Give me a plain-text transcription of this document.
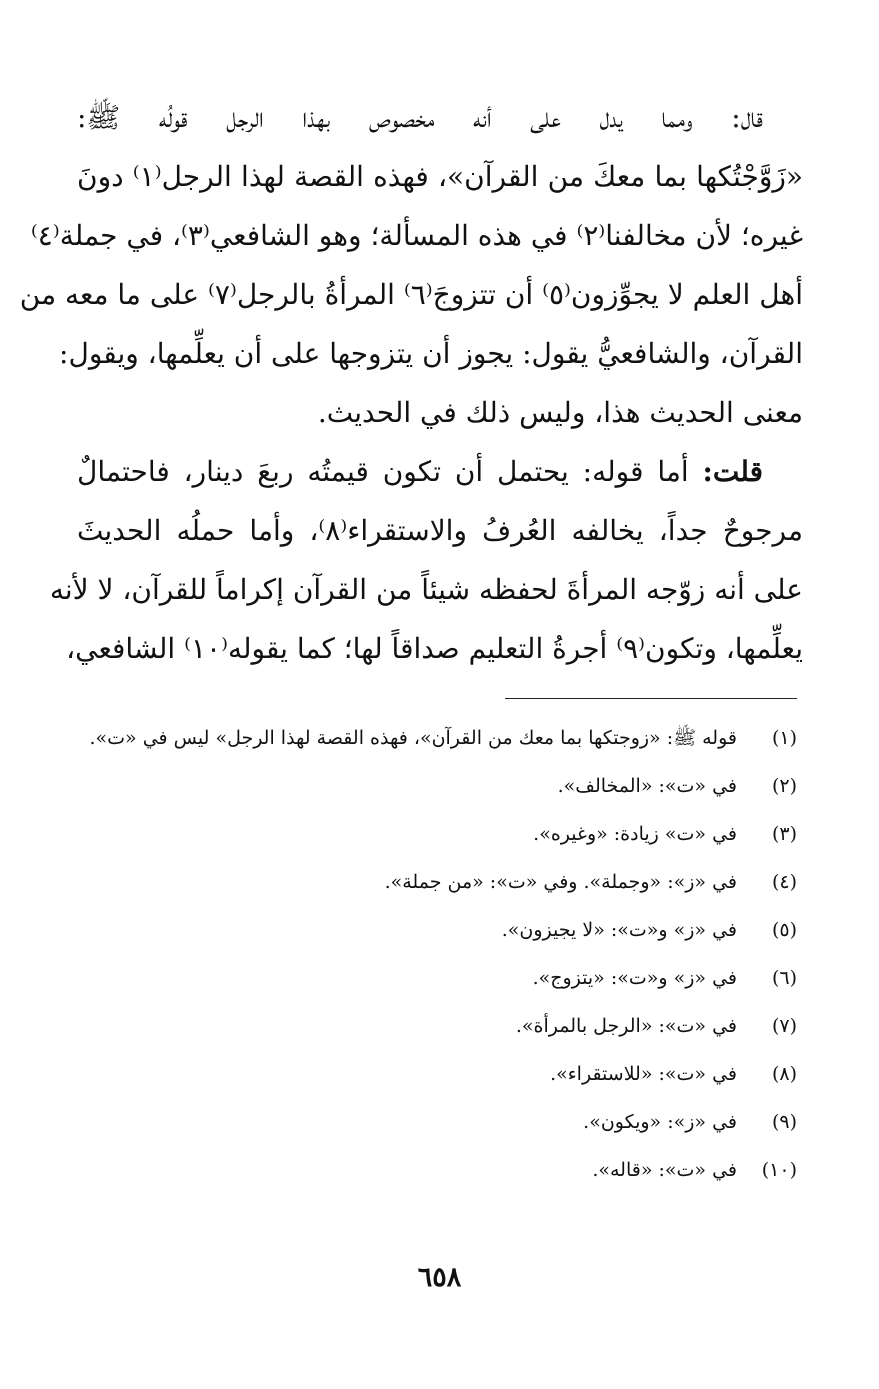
قال: ومما يدل على أنه مخصوص بهذا الرجل قولُه ﷺ:
«زَوَّجْتُكها بما معكَ من القرآن»، فهذه القصة لهذا الرجل⁽١⁾ دونَ
غيره؛ لأن مخالفنا⁽٢⁾ في هذه المسألة؛ وهو الشافعي⁽٣⁾، في جملة⁽٤⁾
أهل العلم لا يجوِّزون⁽٥⁾ أن تتزوجَ⁽٦⁾ المرأةُ بالرجل⁽٧⁾ على ما معه من
القرآن، والشافعيُّ يقول: يجوز أن يتزوجها على أن يعلِّمها، ويقول:
معنى الحديث هذا، وليس ذلك في الحديث.
قلت: أما قوله: يحتمل أن تكون قيمتُه ربعَ دينار، فاحتمالٌ
مرجوحٌ جداً، يخالفه العُرفُ والاستقراء⁽٨⁾، وأما حملُه الحديثَ
على أنه زوّجه المرأةَ لحفظه شيئاً من القرآن إكراماً للقرآن، لا لأنه
يعلِّمها، وتكون⁽٩⁾ أجرةُ التعليم صداقاً لها؛ كما يقوله⁽١٠⁾ الشافعي،
(١)
قوله ﷺ: «زوجتكها بما معك من القرآن»، فهذه القصة لهذا الرجل» ليس في «ت».
(٢)
في «ت»: «المخالف».
(٣)
في «ت» زيادة: «وغيره».
(٤)
في «ز»: «وجملة». وفي «ت»: «من جملة».
(٥)
في «ز» و«ت»: «لا يجيزون».
(٦)
في «ز» و«ت»: «يتزوج».
(٧)
في «ت»: «الرجل بالمرأة».
(٨)
في «ت»: «للاستقراء».
(٩)
في «ز»: «ويكون».
(١٠)
في «ت»: «قاله».
٦٥٨
